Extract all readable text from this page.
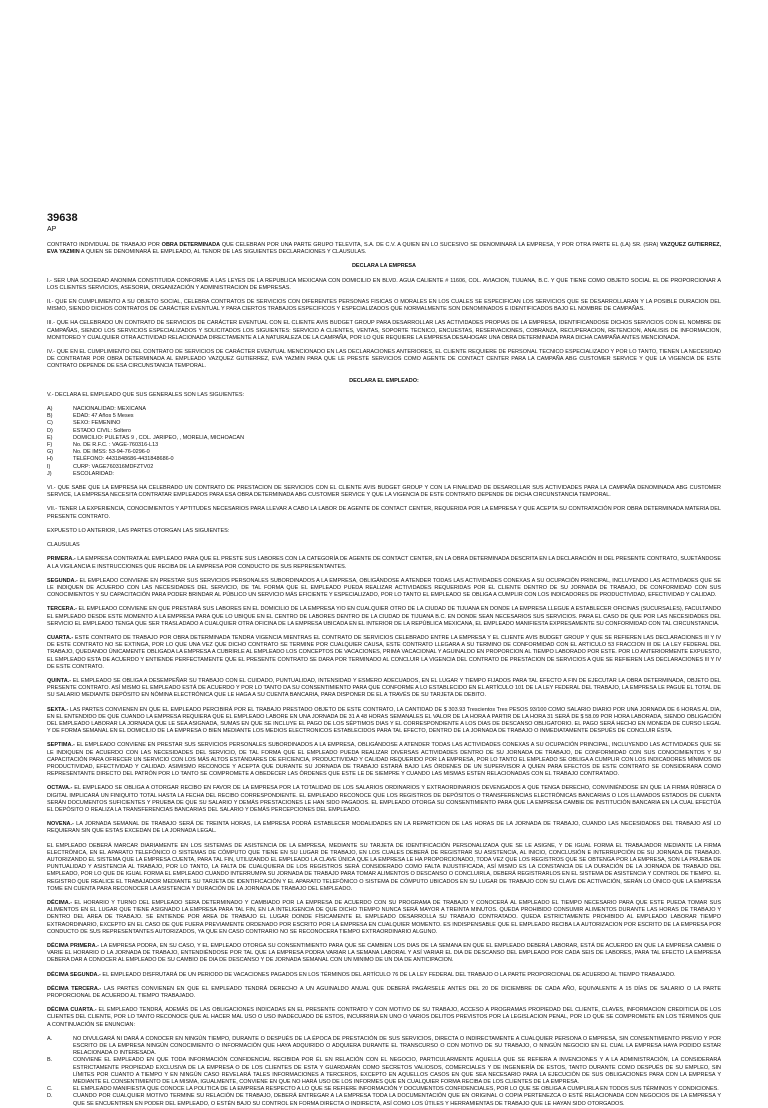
39638
AP

CONTRATO INDIVIDUAL DE TRABAJO POR OBRA DETERMINADA QUE CELEBRAN POR UNA PARTE GRUPO TELEVITA, S.A. DE C.V. A QUIEN EN LO SUCESIVO SE DENOMINARÁ LA EMPRESA, Y POR OTRA PARTE EL (LA) SR. (SRA) VAZQUEZ GUTIERREZ, EVA YAZMIN A QUIEN SE DENOMINARÁ EL EMPLEADO, AL TENOR DE LAS SIGUIENTES DECLARACIONES Y CLAUSULAS.

DECLARA LA EMPRESA

I.- SER UNA SOCIEDAD ANONIMA CONSTITUIDA CONFORME A LAS LEYES DE LA REPUBLICA MEXICANA CON DOMICILIO EN BLVD. AGUA CALIENTE # 11606, COL. AVIACION, TIJUANA, B.C. Y QUE TIENE COMO OBJETO SOCIAL EL DE PROPORCIONAR A LOS CLIENTES SERVICIOS, ASESORIA, ORGANIZACIÓN Y ADMINISTRACION DE EMPRESAS.

II.- QUE EN CUMPLIMIENTO A SU OBJETO SOCIAL, CELEBRA CONTRATOS DE SERVICIOS CON DIFERENTES PERSONAS FISICAS O MORALES EN LOS CUALES SE ESPECIFICAN LOS SERVICIOS QUE SE DESARROLLARAN Y LA POSIBLE DURACION DEL MISMO, SIENDO DICHOS CONTRATOS DE CARÁCTER EVENTUAL Y PARA CIERTOS TRABAJOS ESPECIFICOS Y ESPECIALIZADOS QUE NORMALMENTE SON DENOMINADOS E IDENTIFICADOS BAJO EL NOMBRE DE CAMPAÑAS.

III.- QUE HA CELEBRADO UN CONTRATO DE SERVICIOS DE CARÁCTER EVENTUAL CON EL CLIENTE AVIS BUDGET GROUP PARA DESARROLLAR LAS ACTIVIDADES PROPIAS DE LA EMPRESA, IDENTIFICANDOSE DICHOS SERVICIOS CON EL NOMBRE DE CAMPAÑAS, SIENDO LOS SERVICIOS ESPECIALIZADOS Y SOLICITADOS LOS SIGUIENTES: SERVICIO A CLIENTES, VENTAS, SOPORTE TECNICO, ENCUESTAS, RESERVACIONES, COBRANZA, RECUPERACION, RETENCION, ANALISIS DE INFORMACION, MONITOREO Y CUALQUIER OTRA ACTIVIDAD RELACIONADA DIRECTAMENTE A LA NATURALEZA DE LA CAMPAÑA, POR LO QUE REQUIERE LA EMPRESA DESAHOGAR UNA OBRA DETERMINADA PARA DICHA CAMPAÑA ANTES MENCIONADA.

IV.- QUE EN EL CUMPLIMIENTO DEL CONTRATO DE SERVICIOS DE CARÁCTER EVENTUAL MENCIONADO EN LAS DECLARACIONES ANTERIORES, EL CLIENTE REQUIERE DE PERSONAL TECNICO ESPECIALIZADO Y POR LO TANTO, TIENEN LA NECESIDAD DE CONTRATAR POR OBRA DETERMINADA AL EMPLEADO VAZQUEZ GUTIERREZ, EVA YAZMIN PARA QUE LE PRESTE SERVICIOS COMO AGENTE DE CONTACT CENTER PARA LA CAMPAÑA ABG CUSTOMER SERVICE Y QUE LA VIGENCIA DE ESTE CONTRATO DEPENDE DE ESA CIRCUNSTANCIA TEMPORAL.

DECLARA EL EMPLEADO:

V.- DECLARA EL EMPLEADO QUE SUS GENERALES SON LAS SIGUIENTES:

A)	NACIONALIDAD: MEXICANA
B)	EDAD: 47 Años 5 Meses
C)	SEXO: FEMENINO
D)	ESTADO CIVIL: Soltero
E)	DOMICILIO: PULETAS 9 , COL. JARIPEO, , MORELIA, MICHOACAN
F)	No. DE R.F.C. : VAGE-760316-L13
G)	No. DE IMSS: 53-94-76-0296-0
H)	TELÉFONO: 4431848686-4431848686-0
I)	CURP: VAGE760316MDFZTV02
J)	ESCOLARIDAD:

VI.- QUE SABE QUE LA EMPRESA HA CELEBRADO UN CONTRATO DE PRESTACION DE SERVICIOS CON EL CLIENTE AVIS BUDGET GROUP Y CON LA FINALIDAD DE DESAROLLAR SUS ACTIVIDADES PARA LA CAMPAÑA DENOMINADA ABG CUSTOMER SERVICE, LA EMPRESA NECESITA CONTRATAR EMPLEADOS PARA ESA OBRA DETERMINADA ABG CUSTOMER SERVICE Y QUE LA VIGENCIA DE ESTE CONTRATO DEPENDE DE DICHA CIRCUNSTANCIA TEMPORAL.

VII.- TENER LA EXPERIENCIA, CONOCIMIENTOS Y APTITUDES NECESARIOS PARA LLEVAR A CABO LA LABOR DE AGENTE DE CONTACT CENTER, REQUERIDA POR LA EMPRESA Y QUE ACEPTA SU CONTRATACIÓN POR OBRA DETERMINADA MATERIA DEL PRESENTE CONTRATO.

EXPUESTO LO ANTERIOR, LAS PARTES OTORGAN LAS SIGUIENTES:

CLAUSULAS

PRIMERA.- LA EMPRESA CONTRATA AL EMPLEADO PARA QUE EL PRESTE SUS LABORES CON LA CATEGORÍA DE AGENTE DE CONTACT CENTER, EN LA OBRA DETERMINADA DESCRITA EN LA DECLARACIÓN III DEL PRESENTE CONTRATO, SUJETÁNDOSE A LA VIGILANCIA E INSTRUCCIONES QUE RECIBA DE LA EMPRESA POR CONDUCTO DE SUS REPRESENTANTES.

SEGUNDA.- EL EMPLEADO CONVIENE EN PRESTAR SUS SERVICIOS PERSONALES SUBORDINADOS A LA EMPRESA, OBLIGÁNDOSE A ATENDER TODAS LAS ACTIVIDADES CONEXAS A SU OCUPACIÓN PRINCIPAL, INCLUYENDO LAS ACTIVIDADES QUE SE LE INDIQUEN DE ACUERDO CON LAS NECESIDADES DEL SERVICIO, DE TAL FORMA QUE EL EMPLEADO PUEDA REALIZAR ACTIVIDADES REQUERIDAS POR EL CLIENTE DENTRO DE SU JORNADA DE TRABAJO, DE CONFORMIDAD CON SUS CONOCIMIENTOS Y SU CAPACITACIÓN PARA PODER BRINDAR AL PÚBLICO UN SERVICIO MÁS EFICIENTE Y ESPECIALIZADO, POR LO TANTO EL EMPLEADO SE OBLIGA A CUMPLIR CON LOS INDICADORES DE PRODUCTIVIDAD, EFECTIVIDAD Y CALIDAD.

TERCERA.- EL EMPLEADO CONVIENE EN QUE PRESTARÁ SUS LABORES EN EL DOMICILIO DE LA EMPRESA Y/O EN CUALQUIER OTRO DE LA CIUDAD DE TIJUANA EN DONDE LA EMPRESA LLEGUE A ESTABLECER OFICINAS (SUCURSALES), FACULTANDO EL EMPLEADO DESDE ESTE MOMENTO A LA EMPRESA PARA QUE LO UBIQUE EN EL CENTRO DE LABORES DENTRO DE LA CIUDAD DE TIJUANA B.C. EN DONDE SEAN NECESARIOS SUS SERVICIOS. PARA EL CASO DE QUE POR LAS NECESIDADES DEL SERVICIO EL EMPLEADO TENGA QUE SER TRASLADADO A CUALQUIER OTRA OFICINA DE LA EMPRESA UBICADA EN EL INTERIOR DE LA REPÚBLICA MEXICANA, EL EMPLEADO MANIFIESTA EXPRESAMENTE SU CONFORMIDAD CON TAL CIRCUNSTANCIA.

CUARTA.- ESTE CONTRATO DE TRABAJO POR OBRA DETERMINADA TENDRA VIGENCIA MIENTRAS EL CONTRATO DE SERVICIOS CELEBRADO ENTRE LA EMPRESA Y EL CLIENTE AVIS BUDGET GROUP Y QUE SE REFIEREN LAS DECLARACIONES III Y IV DE ESTE CONTRATO NO SE EXTINGA, POR LO QUE UNA VEZ QUE DICHO CONTRATO SE TERMINE POR CUALQUIER CAUSA, ESTE CONTRATO LLEGARA A SU TERMINO DE CONFORMIDAD CON EL ARTICULO 53 FRACCION III DE LA LEY FEDERAL DEL TRABAJO, QUEDANDO ÚNICAMENTE OBLIGADA LA EMPRESA A CUBRIRLE AL EMPLEADO LOS CONCEPTOS DE VACACIONES, PRIMA VACACIONAL Y AGUINALDO EN PROPORCION AL TIEMPO LABORADO POR ESTE. POR LO ANTERIORMENTE EXPUESTO, EL EMPLEADO ESTA DE ACUERDO Y ENTIENDE PERFECTAMENTE QUE EL PRESENTE CONTRATO SE DARA POR TERMINADO AL CONCLUIR LA VIGENCIA DEL CONTRATO DE PRESTACION DE SERVICIOS A QUE SE REFIEREN LAS DECLARACIONES III Y IV DE ESTE CONTRATO.

QUINTA.- EL EMPLEADO SE OBLIGA A DESEMPEÑAR SU TRABAJO CON EL CUIDADO, PUNTUALIDAD, INTENSIDAD Y ESMERO ADECUADOS, EN EL LUGAR Y TIEMPO FIJADOS PARA TAL EFECTO A FIN DE EJECUTAR LA OBRA DETERMINADA, OBJETO DEL PRESENTE CONTRATO. ASÍ MISMO EL EMPLEADO ESTÁ DE ACUERDO Y POR LO TANTO DA SU CONSENTIMIENTO PARA QUE CONFORME A LO ESTABLECIDO EN EL ARTÍCULO 101 DE LA LEY FEDERAL DEL TRABAJO, LA EMPRESA LE PAGUE EL TOTAL DE SU SALARIO MEDIANTE DEPÓSITO EN NÓMINA ELECTRÓNICA QUE LE HAGA A SU CUENTA BANCARIA, PARA DISPONER DE EL A TRAVÉS DE SU TARJETA DE DEBITO.

SEXTA.- LAS PARTES CONVIENEN EN QUE EL EMPLEADO PERCIBIRÁ POR EL TRABAJO PRESTADO OBJETO DE ESTE CONTRATO, LA CANTIDAD DE $ 303.93 Trescientos Tres PESOS 93/100 COMO SALARIO DIARIO POR UNA JORNADA DE 6 HORAS AL DIA, EN EL ENTENDIDO DE QUE CUANDO LA EMPRESA REQUIERA QUE EL EMPLEADO LABORE EN UNA JORNADA DE 31 A 48 HORAS SEMANALES EL VALOR DE LA HORA A PARTIR DE LA HORA 31 SERÁ DE $ 58.09 POR HORA LABORADA, SIENDO OBLIGACIÓN DEL EMPLEADO LABORAR LA JORNADA QUE LE SEA ASIGNADA, SUMAS EN QUE SE INCLUYE EL PAGO DE LOS SÉPTIMOS DIAS Y EL CORRESPONDIENTE A LOS DIAS DE DESCANSO OBLIGATORIO. EL PAGO SERÁ HECHO EN MONEDA DE CURSO LEGAL Y DE FORMA SEMANAL EN EL DOMICILIO DE LA EMPRESA O BIEN MEDIANTE LOS MEDIOS ELECTRONICOS ESTABLECIDOS PARA TAL EFECTO, DENTRO DE LA JORNADA DE TRABAJO O INMEDIATAMENTE DESPUÉS DE CONCLUIR ÉSTA.

SEPTIMA.- EL EMPLEADO CONVIENE EN PRESTAR SUS SERVICIOS PERSONALES SUBORDINADOS A LA EMPRESA, OBLIGÁNDOSE A ATENDER TODAS LAS ACTIVIDADES CONEXAS A SU OCUPACIÓN PRINCIPAL, INCLUYENDO LAS ACTIVIDADES QUE SE LE INDIQUEN DE ACUERDO CON LAS NECESIDADES DEL SERVICIO, DE TAL FORMA QUE EL EMPLEADO PUEDA REALIZAR DIVERSAS ACTIVIDADES DENTRO DE SU JORNADA DE TRABAJO, DE CONFORMIDAD CON SUS CONOCIMIENTOS Y SU CAPACITACIÓN PARA OFRECER UN SERVICIO CON LOS MÁS ALTOS ESTÁNDARES DE EFICIENCIA, PRODUCTIVIDAD Y CALIDAD REQUERIDO POR LA EMPRESA, POR LO TANTO EL EMPLEADO SE OBLIGA A CUMPLIR CON LOS INDICADORES MÍNIMOS DE PRODUCTIVIDAD, EFECTIVIDAD Y CALIDAD. ASIMISMO RECONOCE Y ACEPTA QUE DURANTE SU JORNADA DE TRABAJO ESTARÁ BAJO LAS ÓRDENES DE UN SUPERVISOR A QUIEN PARA EFECTOS DE ESTE CONTRATO SE CONSIDERARA COMO REPRESENTANTE DIRECTO DEL PATRÓN POR LO TANTO SE COMPROMETE A OBEDECER LAS ÓRDENES QUE ESTE LE DE SIEMPRE Y CUANDO LAS MISMAS ESTEN RELACIONADAS CON EL TRABAJO CONTRATADO.

OCTAVA.- EL EMPLEADO SE OBLIGA A OTORGAR RECIBO EN FAVOR DE LA EMPRESA POR LA TOTALIDAD DE LOS SALARIOS ORDINARIOS Y EXTRAORDINARIOS DEVENGADOS A QUE TENGA DERECHO, CONVINIÉNDOSE EN QUE LA FIRMA RÚBRICA O DIGITAL IMPLICARÁ UN FINIQUITO TOTAL HASTA LA FECHA DEL RECIBO CORRESPONDIENTE. EL EMPLEADO RECONOCE QUE LOS REGISTROS DE DEPÓSITOS O TRANSFERENCIAS ELECTRÓNICAS BANCARIAS O LOS LLAMADOS ESTADOS DE CUENTA SERÁN DOCUMENTOS SUFICIENTES Y PRUEBA DE QUE SU SALARIO Y DEMÁS PRESTACIONES LE HAN SIDO PAGADOS. EL EMPLEADO OTORGA SU CONSENTIMIENTO PARA QUE LA EMPRESA CAMBIE DE INSTITUCIÓN BANCARIA EN LA CUAL EFECTÚA EL DEPÓSITO O REALIZA LA TRANSFERENCIAS BANCARIAS DEL SALARIO Y DEMÁS PERCEPCIONES DEL EMPLEADO.

NOVENA.- LA JORNADA SEMANAL DE TRABAJO SERÁ DE TREINTA HORAS, LA EMPRESA PODRÁ ESTABLECER MODALIDADES EN LA REPARTICION DE LAS HORAS DE LA JORNADA DE TRABAJO, CUANDO LAS NECESIDADES DEL TRABAJO ASÍ LO REQUIERAN SIN QUE ESTAS EXCEDAN DE LA JORNADA LEGAL.

EL EMPLEADO DEBERÁ MARCAR DIARIAMENTE EN LOS SISTEMAS DE ASISTENCIA DE LA EMPRESA, MEDIANTE SU TARJETA DE IDENTIFICACIÓN PERSONALIZADA QUE SE LE ASIGNE, Y DE IGUAL FORMA EL TRABAJADOR MEDIANTE LA FIRMA ELECTRÓNICA, EN EL APARATO TELEFÓNICO O SISTEMAS DE CÓMPUTO QUE TIENE EN SU LUGAR DE TRABAJO, EN LOS CUALES DEBERÁ DE REGISTRAR SU ASISTENCIA, AL INICIO, CONCLUSIÓN E INTERRUPCIÓN DE SU JORNADA DE TRABAJO. AUTORIZANDO EL SISTEMA QUE LA EMPRESA CUENTA, PARA TAL FIN, UTILIZANDO EL EMPLEADO LA CLAVE ÚNICA QUE LA EMPRESA LE HA PROPORCIONADO, TODA VEZ QUE LOS REGISTROS QUE SE OBTENGA POR LA EMPRESA, SON LA PRUEBA DE PUNTUALIDAD Y ASISTENCIA AL TRABAJO, POR LO TANTO, LA FALTA DE CUALQUIERA DE LOS REGISTROS SERÁ CONSIDERADO COMO FALTA INJUSTIFICADA, ASÍ MISMO ES LA CONSTANCIA DE LA DURACIÓN DE LA JORNADA DE TRABAJO DEL EMPLEADO, POR LO QUE DE IGUAL FORMA EL EMPLEADO CUANDO INTERRUMPA SU JORNADA DE TRABAJO PARA TOMAR ALIMENTOS O DESCANSO O CONCLUIRLA, DEBERÁ REGISTRARLOS EN EL SISTEMA DE ASISTENCIA Y CONTROL DE TIEMPO. EL REGISTRO QUE REALICE EL TRABAJADOR MEDIANTE SU TARJETA DE IDENTIFICACIÓN Y EL APARATO TELEFÓNICO O SISTEMA DE CÓMPUTO UBICADOS EN SU LUGAR DE TRABAJO CON SU CLAVE DE ACTIVACIÓN, SERÁN LO ÚNICO QUE LA EMPRESA TOME EN CUENTA PARA RECONOCER LA ASISTENCIA Y DURACIÓN DE LA JORNADA DE TRABAJO DEL EMPLEADO.

DÉCIMA.- EL HORARIO Y TURNO DEL EMPLEADO SERA DETERMINADO Y CAMBIADO POR LA EMPRESA DE ACUERDO CON SU PROGRAMA DE TRABAJO Y CONOCERÁ AL EMPLEADO EL TIEMPO NECESARIO PARA QUE ESTE PUEDA TOMAR SUS ALIMENTOS EN EL LUGAR QUE TIENE ASIGNADO LA EMPRESA PARA TAL FIN, EN LA INTELIGENCIA DE QUE DICHO TIEMPO NUNCA SERÁ MAYOR A TREINTA MINUTOS. QUEDA PROHIBIDO CONSUMIR ALIMENTOS DURANTE LAS HORAS DE TRABAJO Y DENTRO DEL AREA DE TRABAJO. SE ENTIENDE POR AREA DE TRABAJO EL LUGAR DONDE FÍSICAMENTE EL EMPLEADO DESARROLLA SU TRABAJO CONTRATADO. QUEDA ESTRICTAMENTE PROHIBIDO AL EMPLEADO LABORAR TIEMPO EXTRAORDINARIO, EXCEPTO EN EL CASO DE QUE FUERA PREVIAMENTE ORDENADO POR ESCRITO POR LA EMPRESA EN CUALQUIER MOMENTO. ES INDISPENSABLE QUE EL EMPLEADO RECIBA LA AUTORIZACION POR ESCRITO DE LA EMPRESA POR CONDUCTO DE SUS REPRESENTANTES AUTORIZADOS, YA QUE EN CASO CONTRARIO NO SE RECONOCERA TIEMPO EXTRAORDINARIO ALGUNO.

DÉCIMA PRIMERA.- LA EMPRESA PODRA, EN SU CASO, Y EL EMPLEADO OTORGA SU CONSENTIMIENTO PARA QUE SE CAMBIEN LOS DIAS DE LA SEMANA EN QUE EL EMPLEADO DEBERÁ LABORAR, ESTÁ DE ACUERDO EN QUE LA EMPRESA CAMBIE O VARIE EL HORARIO O LA JORNADA DE TRABAJO, ENTENDIÉNDOSE POR TAL QUE LA EMPRESA PODRA VARIAR LA SEMANA LABORAL Y ASÍ VARIAR EL DIA DE DESCANSO DEL EMPLEADO POR CADA SEIS DE LABORES, PARA TAL EFECTO LA EMPRESA DEBERA DAR A CONOCER AL EMPLEADO DE SU CAMBIO DE DIA DE DESCANSO Y DE JORNADA SEMANAL CON UN MINIMO DE UN DIA DE ANTICIPACION.

DÉCIMA SEGUNDA.- EL EMPLEADO DISFRUTARÁ DE UN PERIODO DE VACACIONES PAGADOS EN LOS TÉRMINOS DEL ARTÍCULO 76 DE LA LEY FEDERAL DEL TRABAJO O LA PARTE PROPORCIONAL DE ACUERDO AL TIEMPO TRABAJADO.

DÉCIMA TERCERA.- LAS PARTES CONVIENEN EN QUE EL EMPLEADO TENDRÁ DERECHO A UN AGUINALDO ANUAL QUE DEBERÁ PAGÁRSELE ANTES DEL 20 DE DICIEMBRE DE CADA AÑO, EQUIVALENTE A 15 DÍAS DE SALARIO O LA PARTE PROPORCIONAL DE ACUERDO AL TIEMPO TRABAJADO.

DÉCIMA CUARTA.- EL EMPLEADO TENDRÁ, ADEMÁS DE LAS OBLIGACIONES INDICADAS EN EL PRESENTE CONTRATO Y CON MOTIVO DE SU TRABAJO, ACCESO A PROGRAMAS PROPIEDAD DEL CLIENTE, CLAVES, INFORMACION CREDITICIA DE LOS CLIENTES DEL CLIENTE, POR LO TANTO RECONOCE QUE AL HACER MAL USO O USO INADECUADO DE ESTOS, INCURRIRIA EN UNO O VARIOS DELITOS PREVISTOS POR LA LEGISLACION PENAL, POR LO QUE SE COMPROMETE EN LOS TÉRMINOS QUE A CONTINUACIÓN SE ENUNCIAN:

A.	NO DIVULGARÁ NI DARÁ A CONOCER EN NINGÚN TIEMPO, DURANTE O DESPUÉS DE LA ÉPOCA DE PRESTACIÓN DE SUS SERVICIOS, DIRECTA O INDIRECTAMENTE A CUALQUIER PERSONA O EMPRESA, SIN CONSENTIMIENTO PREVIO Y POR ESCRITO DE LA EMPRESA NINGÚN CONOCIMIENTO O INFORMACIÓN QUE HAYA ADQUIRIDO O ADQUIERA DURANTE EL TRANSCURSO O CON MOTIVO DE SU TRABAJO, O NINGÚN NEGOCIO EN EL CUAL LA EMPRESA HAYA PODIDO ESTAR RELACIONADA O INTERESADA.
B.	CONVIENE EL EMPLEADO EN QUE TODA INFORMACIÓN CONFIDENCIAL RECIBIDA POR ÉL EN RELACIÓN CON EL NEGOCIO, PARTICULARMENTE AQUELLA QUE SE REFIERA A INVENCIONES Y A LA ADMINISTRACIÓN, LA CONSIDERARÁ ESTRICTAMENTE PROPIEDAD EXCLUSIVA DE LA EMPRESA O DE LOS CLIENTES DE ESTA Y GUARDARÁN COMO SECRETOS VALIOSOS, COMERCIALES Y DE INGENIERÍA DE ESTOS, TANTO DURANTE COMO DESPUÉS DE SU EMPLEO, SIN LÍMITES POR CUANTO A TIEMPO Y EN NINGÚN CASO REVELARÁ TALES INFORMACIONES A TERCEROS, EXCEPTO EN AQUELLOS CASOS EN QUE SEA NECESARIO PARA LA EJECUCIÓN DE SUS OBLIGACIONES PARA CON LA EMPRESA Y MEDIANTE EL CONSENTIMIENTO DE LA MISMA, IGUALMENTE, CONVIENE EN QUE NO HARÁ USO DE LOS INFORMES QUE EN CUALQUIER FORMA RECIBA DE LOS CLIENTES DE LA EMPRESA.
C.	EL EMPLEADO MANIFIESTA QUE CONOCE LA POLITICA DE LA EMPRESA RESPECTO A LO QUE SE REFIERE INFORMACIÓN Y DOCUMENTOS CONFIDENCIALES, POR LO QUE SE OBLIGA A CUMPLIRLA EN TODOS SUS TÉRMINOS Y CONDICIONES.
D.	CUANDO POR CUALQUIER MOTIVO TERMINE SU RELACIÓN DE TRABAJO, DEBERÁ ENTREGAR A LA EMPRESA TODA LA DOCUMENTACIÓN QUE EN ORIGINAL O COPIA PERTENEZCA O ESTÉ RELACIONADA CON NEGOCIOS DE LA EMPRESA Y QUE SE ENCUENTREN EN PODER DEL EMPLEADO, O ESTÉN BAJO SU CONTROL EN FORMA DIRECTA O INDIRECTA, ASÍ COMO LOS ÚTILES Y HERRAMIENTAS DE TRABAJO QUE LE HAYAN SIDO OTORGADOS.
